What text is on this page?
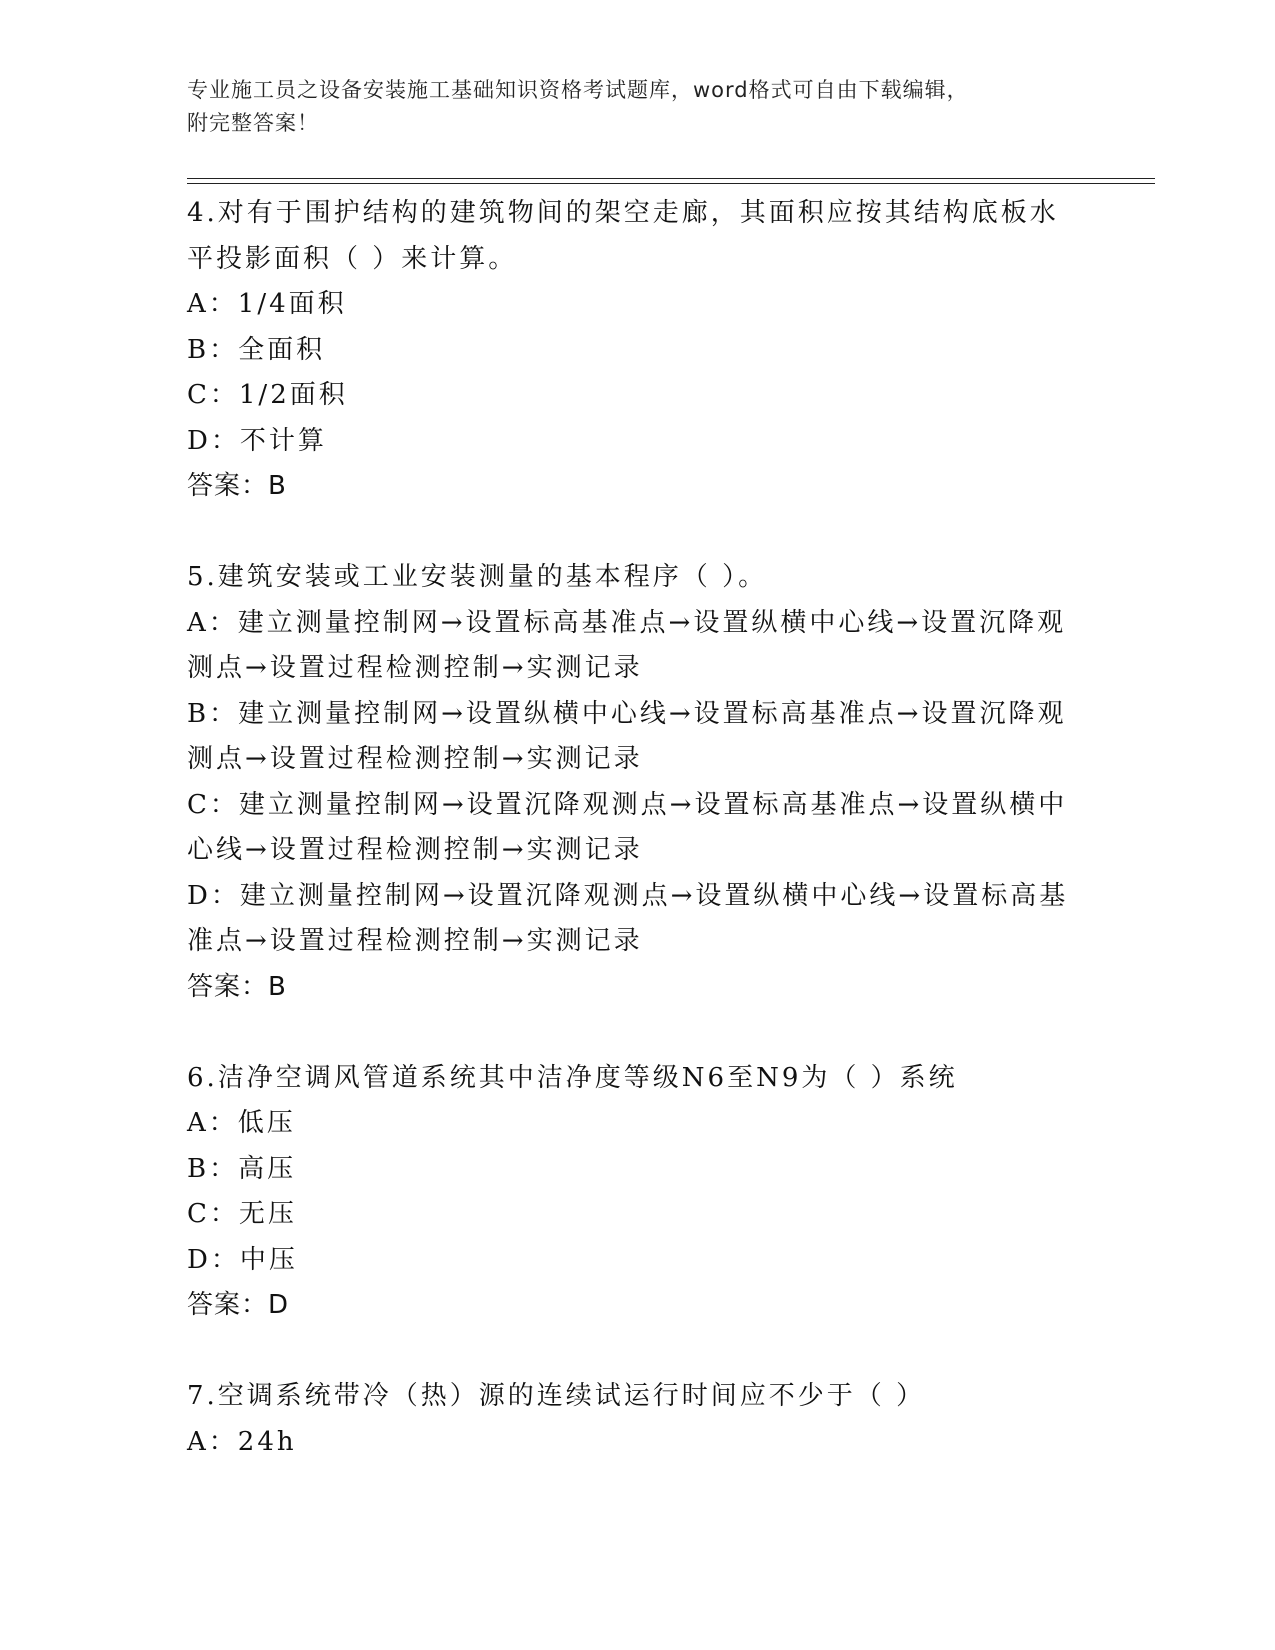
专业施工员之设备安装施工基础知识资格考试题库，word格式可自由下载编辑，
附完整答案！
4.对有于围护结构的建筑物间的架空走廊，其面积应按其结构底板水
平投影面积（ ）来计算。
A：1/4面积
B：全面积
C：1/2面积
D：不计算
答案：B
5.建筑安装或工业安装测量的基本程序（ ）。
A：建立测量控制网→设置标高基准点→设置纵横中心线→设置沉降观
测点→设置过程检测控制→实测记录
B：建立测量控制网→设置纵横中心线→设置标高基准点→设置沉降观
测点→设置过程检测控制→实测记录
C：建立测量控制网→设置沉降观测点→设置标高基准点→设置纵横中
心线→设置过程检测控制→实测记录
D：建立测量控制网→设置沉降观测点→设置纵横中心线→设置标高基
准点→设置过程检测控制→实测记录
答案：B
6.洁净空调风管道系统其中洁净度等级N6至N9为（ ）系统
A：低压
B：高压
C：无压
D：中压
答案：D
7.空调系统带冷（热）源的连续试运行时间应不少于（ ）
A：24h
